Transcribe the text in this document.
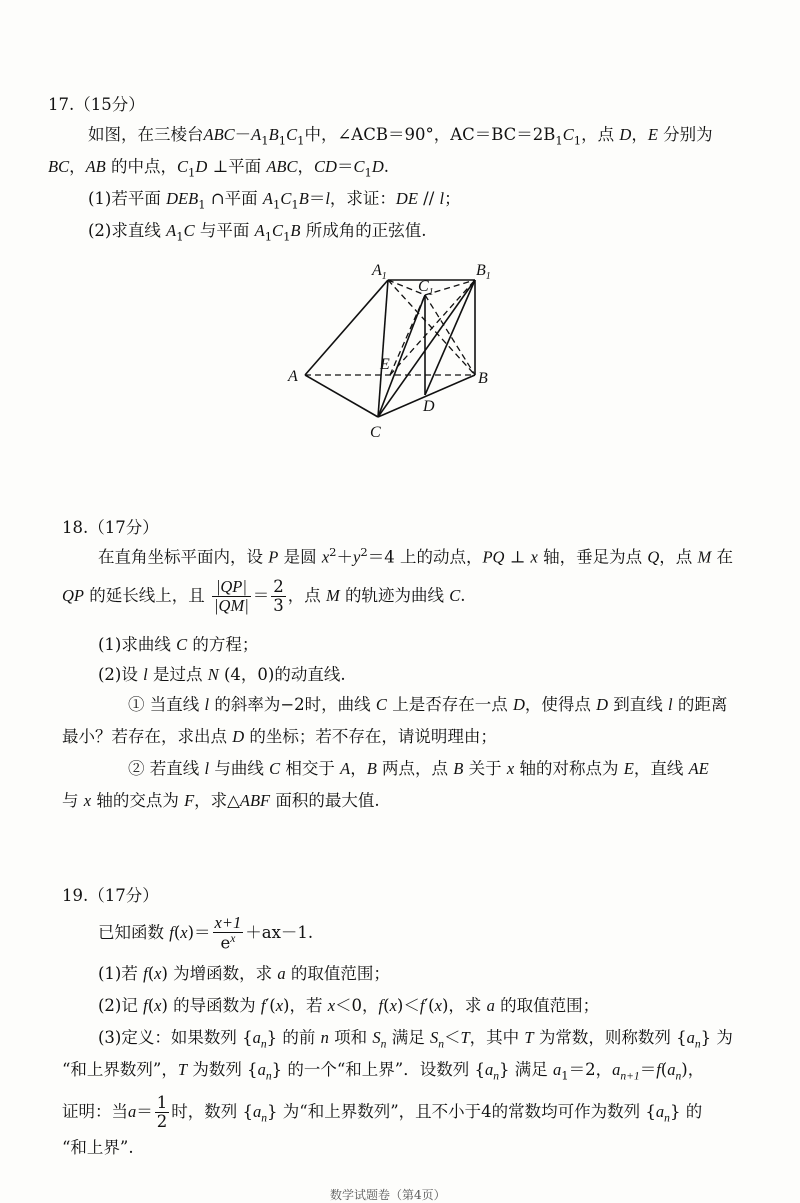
17.（15分）
如图，在三棱台$ABC-A_1B_1C_1$中，∠ACB＝90°，$AC=BC=2B_1C_1$，点 D，E 分别为
BC，AB 的中点，$C_1D$ ⊥平面 ABC，$CD=C_1D$.
(1)若平面 $DEB_1$ ∩平面 $A_1C_1B=l$，求证：DE // l；
(2)求直线 $A_1C$ 与平面 $A_1C_1B$ 所成角的正弦值.
$A_1$	$B_1$
$C_1$
A	B
C
D
E
18.（17分）
在直角坐标平面内，设 P 是圆 $x^2+y^2=4$ 上的动点，PQ ⊥ x 轴，垂足为点 Q，点 M 在
QP 的延长线上，且 $\frac{|QP|}{|QM|} = \frac{2}{3}$ ，点 M 的轨迹为曲线 C.
(1)求曲线 C 的方程；
(2)设 l 是过点 N (4，0)的动直线.
① 当直线 l 的斜率为−2时，曲线 C 上是否存在一点 D，使得点 D 到直线 l 的距离
最小？若存在，求出点 D 的坐标；若不存在，请说明理由；
② 若直线 l 与曲线 C 相交于 A，B 两点，点 B 关于 x 轴的对称点为 E，直线 AE
与 x 轴的交点为 F，求△ABF 面积的最大值.
19.（17分）
已知函数 $f(x)= \frac{x+1}{e^x} +ax-1$.
(1)若 f(x) 为增函数，求 a 的取值范围；
(2)记 f(x) 的导函数为 f′(x)，若 x＜0，f(x)＜f′(x)，求 a 的取值范围；
(3)定义：如果数列 $\{a_n\}$ 的前 n 项和 $S_n$ 满足 $S_n<T$，其中 T 为常数，则称数列 $\{a_n\}$ 为
“和上界数列”，T 为数列 $\{a_n\}$ 的一个“和上界”．设数列 $\{a_n\}$ 满足 $a_1=2$，$a_{n+1}=f(a_n)$，
证明：当$a= \frac{1}{2}$ 时，数列 $\{a_n\}$ 为“和上界数列”，且不小于4的常数均可作为数列 $\{a_n\}$ 的
“和上界”.
数学试题卷（第4页）
